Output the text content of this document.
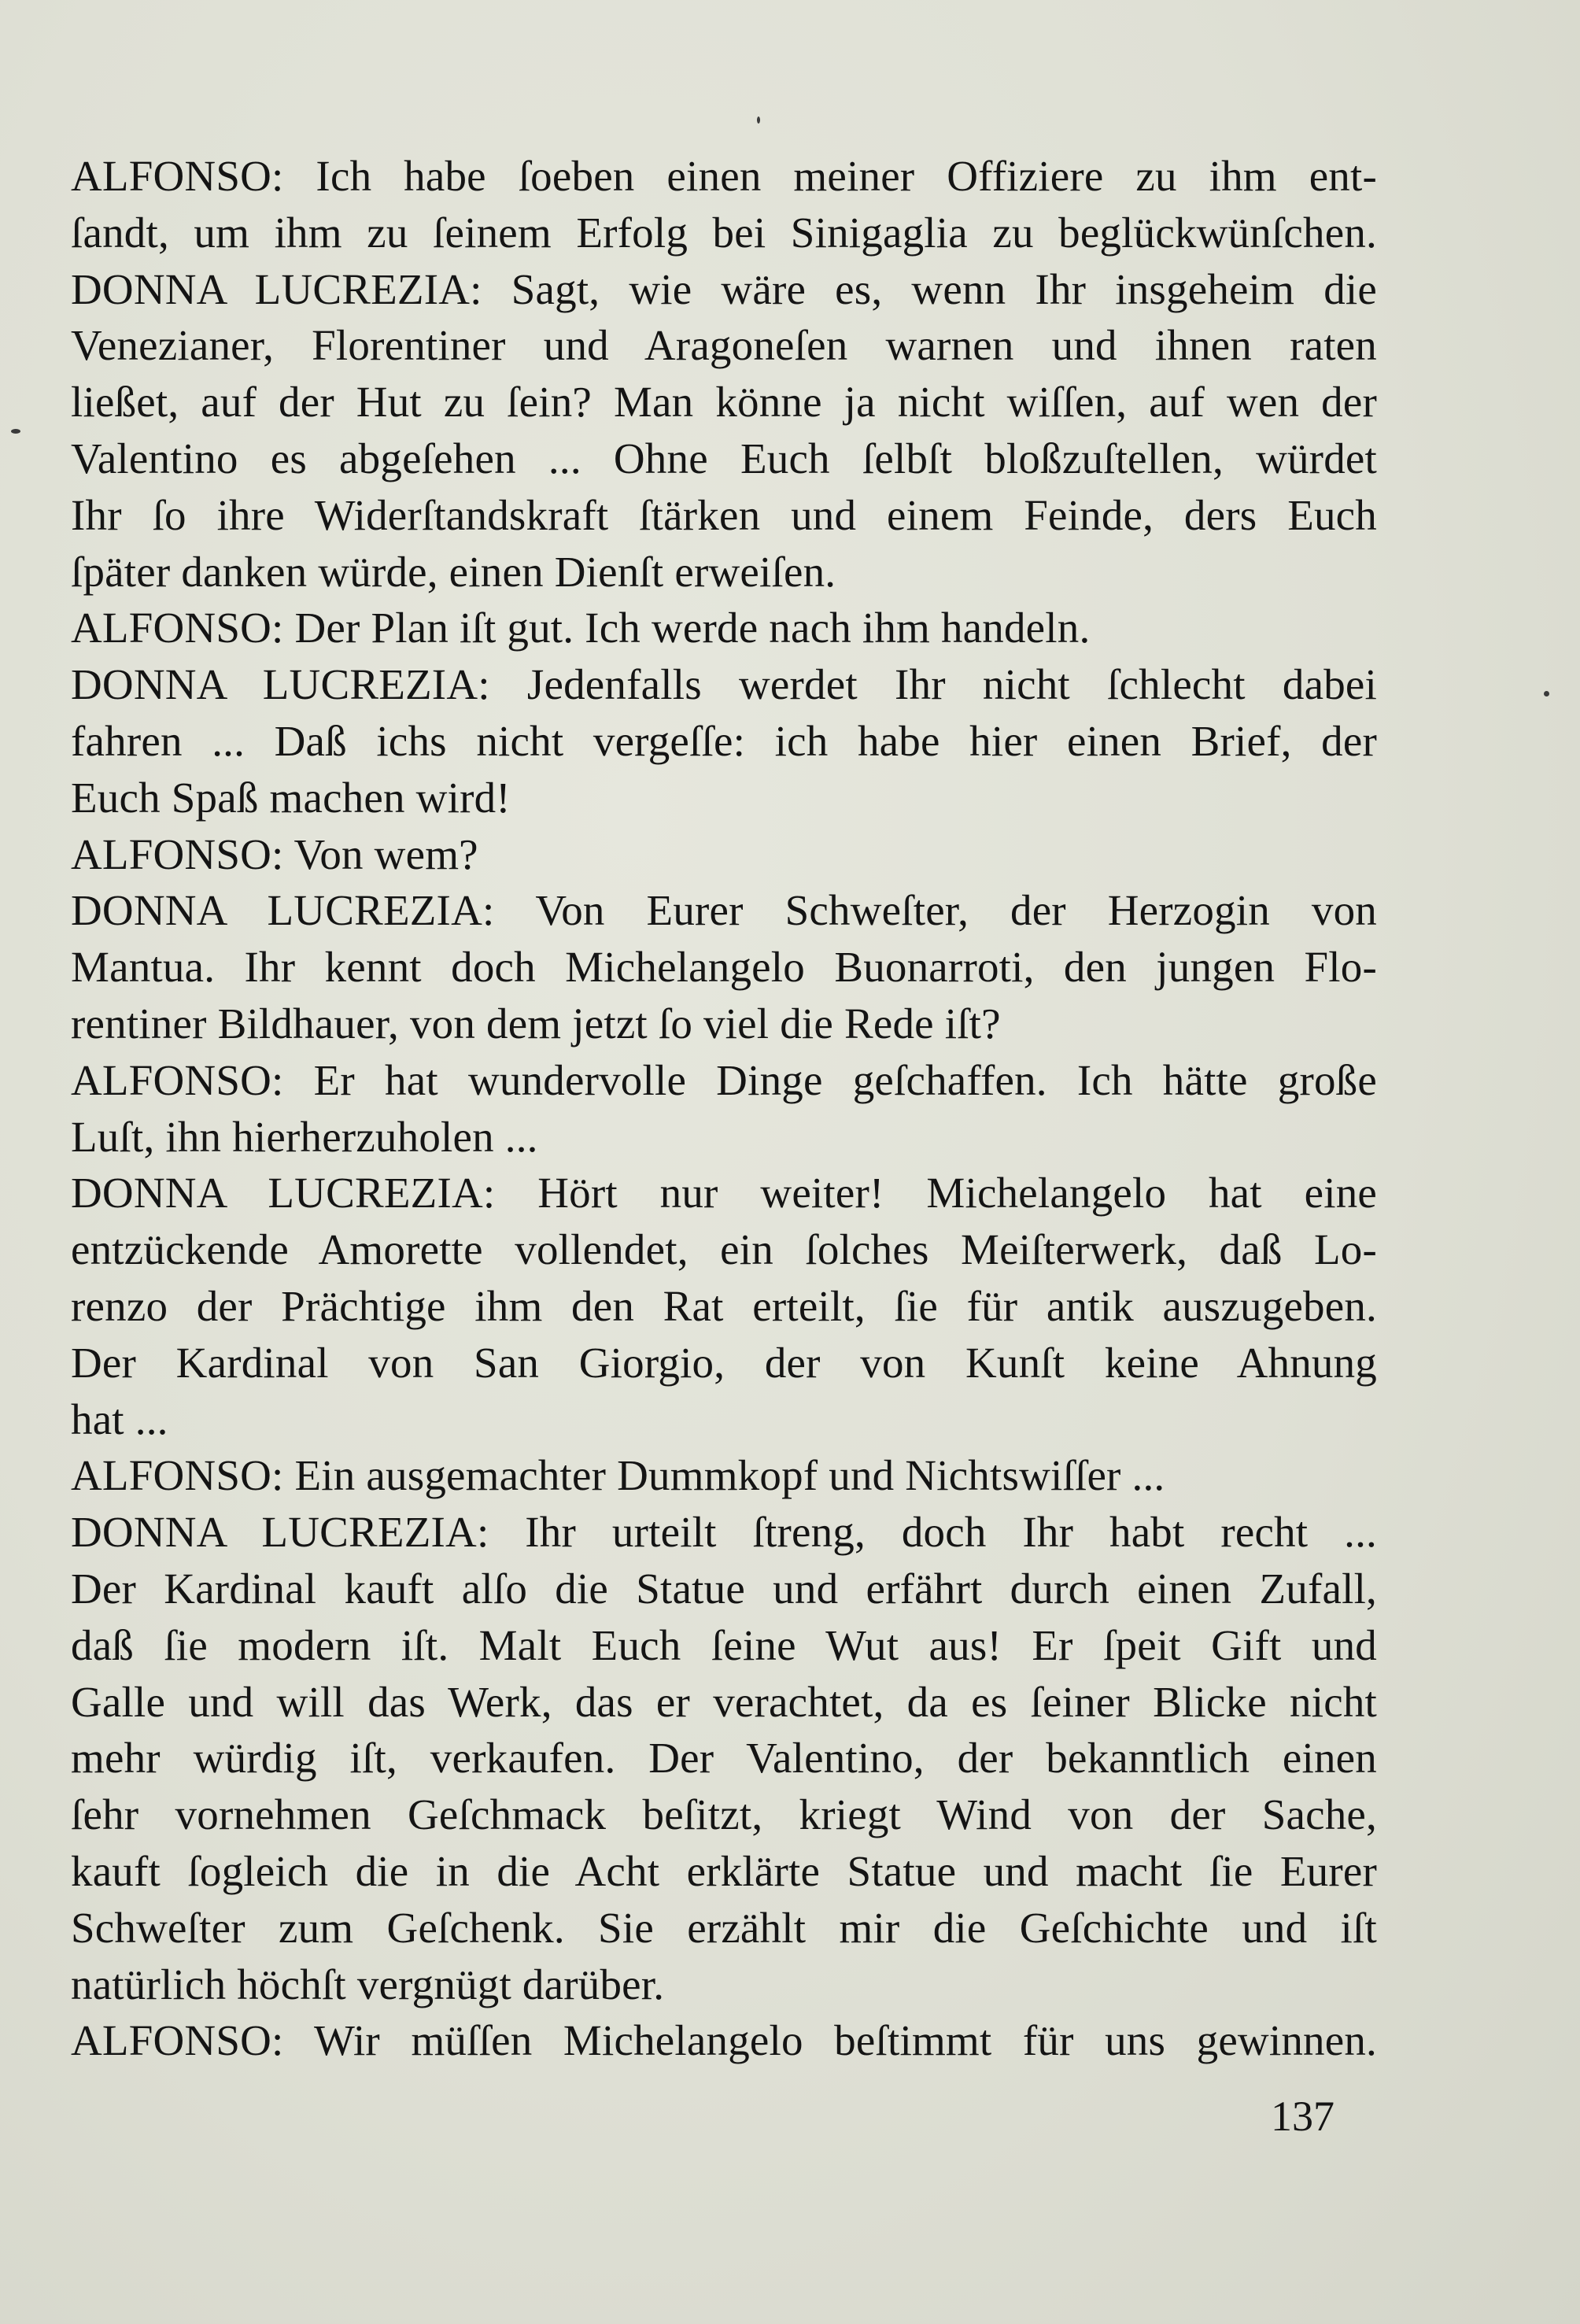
ALFONSO: Ich habe ſoeben einen meiner Offiziere zu ihm ent-
ſandt, um ihm zu ſeinem Erfolg bei Sinigaglia zu beglückwünſchen.
DONNA LUCREZIA: Sagt, wie wäre es, wenn Ihr insgeheim die
Venezianer, Florentiner und Aragoneſen warnen und ihnen raten
ließet, auf der Hut zu ſein? Man könne ja nicht wiſſen, auf wen der
Valentino es abgeſehen ... Ohne Euch ſelbſt bloßzuſtellen, würdet
Ihr ſo ihre Widerſtandskraft ſtärken und einem Feinde, ders Euch
ſpäter danken würde, einen Dienſt erweiſen.
ALFONSO: Der Plan iſt gut. Ich werde nach ihm handeln.
DONNA LUCREZIA: Jedenfalls werdet Ihr nicht ſchlecht dabei
fahren ... Daß ichs nicht vergeſſe: ich habe hier einen Brief, der
Euch Spaß machen wird!
ALFONSO: Von wem?
DONNA LUCREZIA: Von Eurer Schweſter, der Herzogin von
Mantua. Ihr kennt doch Michelangelo Buonarroti, den jungen Flo-
rentiner Bildhauer, von dem jetzt ſo viel die Rede iſt?
ALFONSO: Er hat wundervolle Dinge geſchaffen. Ich hätte große
Luſt, ihn hierherzuholen ...
DONNA LUCREZIA: Hört nur weiter! Michelangelo hat eine
entzückende Amorette vollendet, ein ſolches Meiſterwerk, daß Lo-
renzo der Prächtige ihm den Rat erteilt, ſie für antik auszugeben.
Der Kardinal von San Giorgio, der von Kunſt keine Ahnung
hat ...
ALFONSO: Ein ausgemachter Dummkopf und Nichtswiſſer ...
DONNA LUCREZIA: Ihr urteilt ſtreng, doch Ihr habt recht ...
Der Kardinal kauft alſo die Statue und erfährt durch einen Zufall,
daß ſie modern iſt. Malt Euch ſeine Wut aus! Er ſpeit Gift und
Galle und will das Werk, das er verachtet, da es ſeiner Blicke nicht
mehr würdig iſt, verkaufen. Der Valentino, der bekanntlich einen
ſehr vornehmen Geſchmack beſitzt, kriegt Wind von der Sache,
kauft ſogleich die in die Acht erklärte Statue und macht ſie Eurer
Schweſter zum Geſchenk. Sie erzählt mir die Geſchichte und iſt
natürlich höchſt vergnügt darüber.
ALFONSO: Wir müſſen Michelangelo beſtimmt für uns gewinnen.
137
